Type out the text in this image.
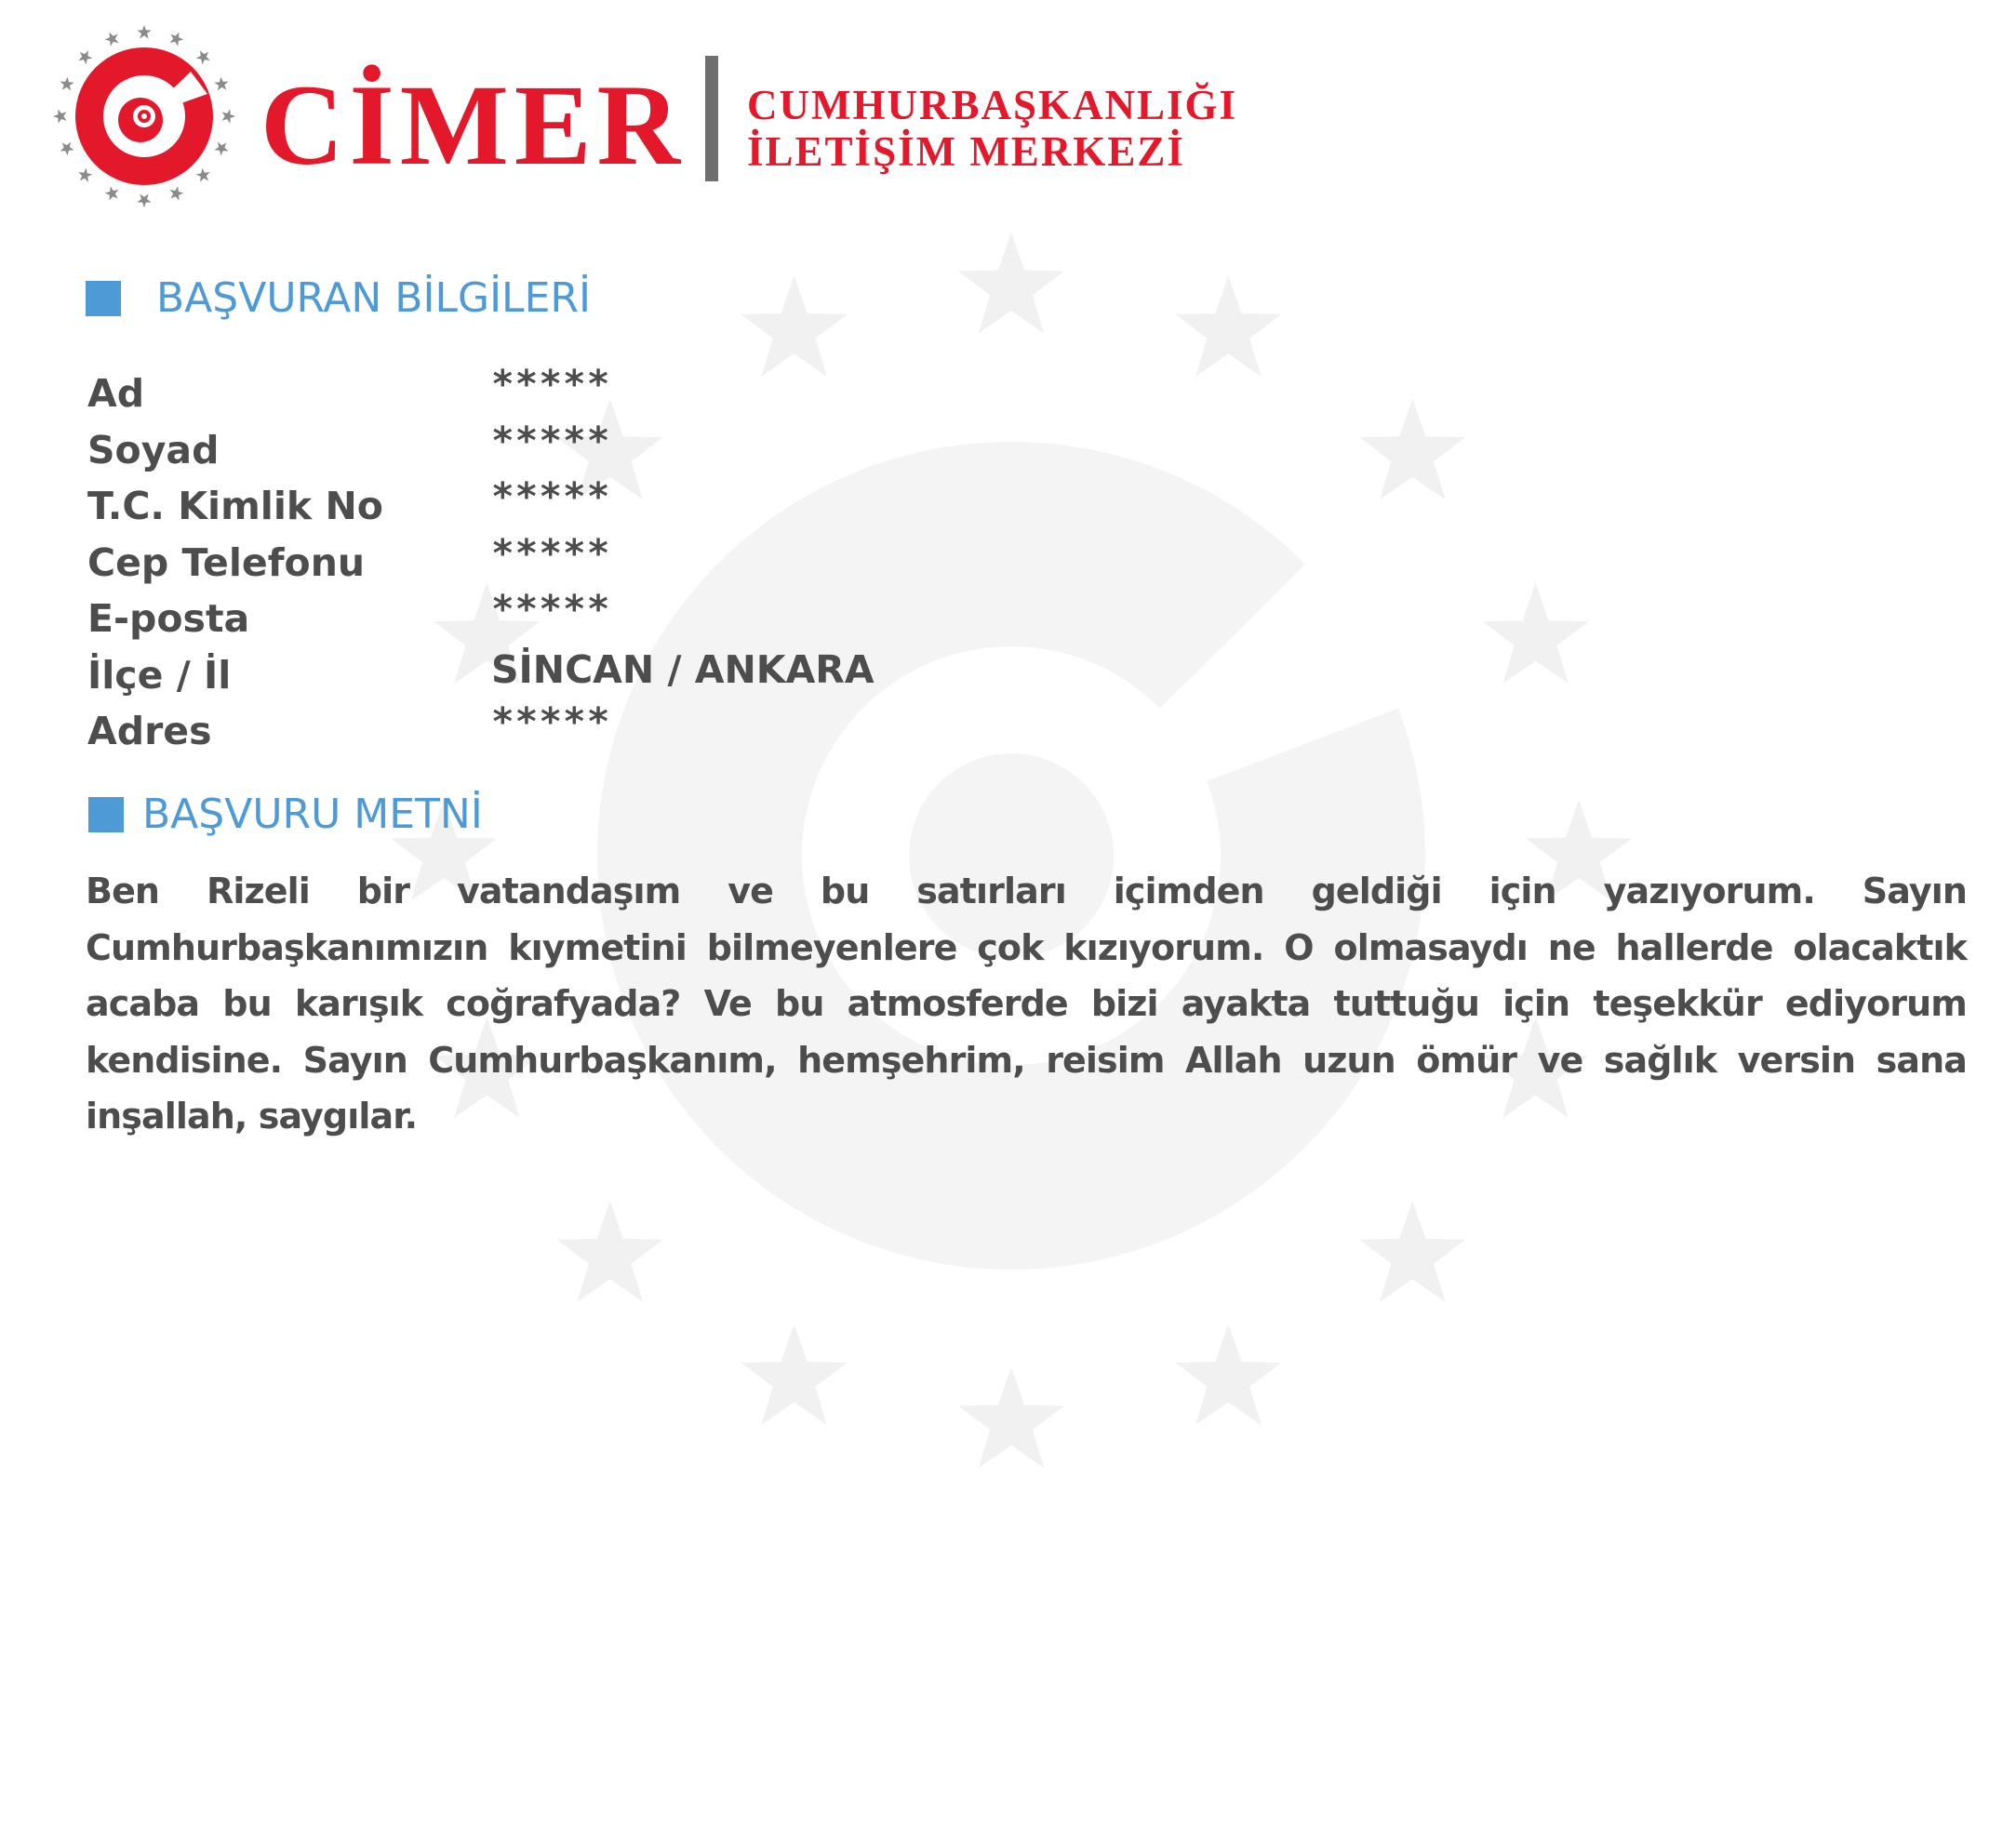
CİMER CUMHURBAŞKANLIĞI
İLETİŞİM MERKEZİ
BAŞVURAN BİLGİLERİ
Ad	*****
Soyad	*****
T.C. Kimlik No	*****
Cep Telefonu	*****
E-posta	*****
İlçe / İl	SİNCAN / ANKARA
Adres	*****
BAŞVURU METNİ

Ben Rizeli bir vatandaşım ve bu satırları içimden geldiği için yazıyorum. Sayın Cumhurbaşkanımızın kıymetini bilmeyenlere çok kızıyorum. O olmasaydı ne hallerde olacaktık acaba bu karışık coğrafyada? Ve bu atmosferde bizi ayakta tuttuğu için teşekkür ediyorum kendisine. Sayın Cumhurbaşkanım, hemşehrim, reisim Allah uzun ömür ve sağlık versin sana inşallah, saygılar.
